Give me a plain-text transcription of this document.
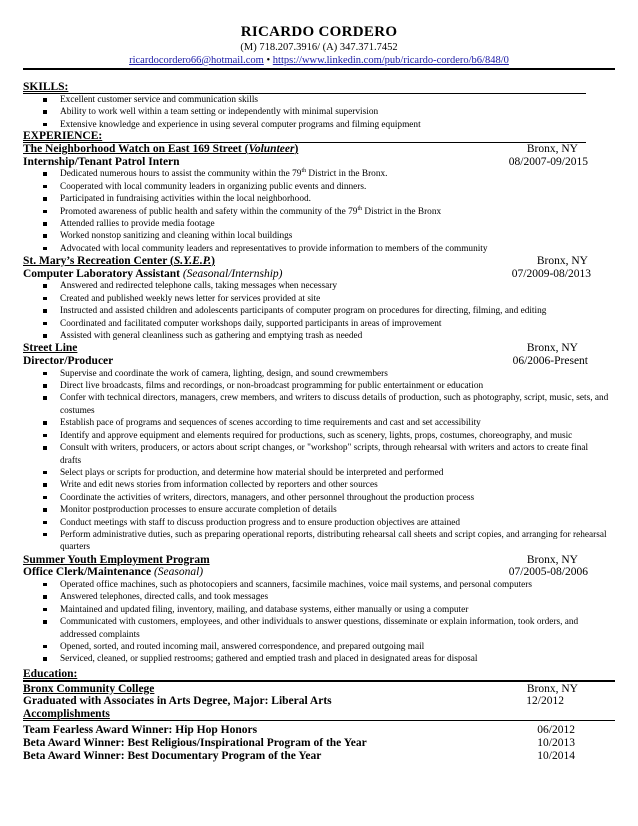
RICARDO CORDERO
(M) 718.207.3916/ (A) 347.371.7452
ricardocordero66@hotmail.com • https://www.linkedin.com/pub/ricardo-cordero/b6/848/0
SKILLS:
Excellent customer service and communication skills
Ability to work well within a team setting or independently with minimal supervision
Extensive knowledge and experience in using several computer programs and filming equipment
EXPERIENCE:
The Neighborhood Watch on East 169 Street (Volunteer)	Bronx, NY
Internship/Tenant Patrol Intern	08/2007-09/2015
Dedicated numerous hours to assist the community within the 79th District in the Bronx.
Cooperated with local community leaders in organizing public events and dinners.
Participated in fundraising activities within the local neighborhood.
Promoted awareness of public health and safety within the community of the 79th District in the Bronx
Attended rallies to provide media footage
Worked nonstop sanitizing and cleaning within local buildings
Advocated with local community leaders and representatives to provide information to members of the community
St. Mary’s Recreation Center (S.Y.E.P.)	Bronx, NY
Computer Laboratory Assistant (Seasonal/Internship)	07/2009-08/2013
Answered and redirected telephone calls, taking messages when necessary
Created and published weekly news letter for services provided at site
Instructed and assisted children and adolescents participants of computer program on procedures for directing, filming, and editing
Coordinated and facilitated computer workshops daily, supported participants in areas of improvement
Assisted with general cleanliness such as gathering and emptying trash as needed
Street Line	Bronx, NY
Director/Producer	06/2006-Present
Supervise and coordinate the work of camera, lighting, design, and sound crewmembers
Direct live broadcasts, films and recordings, or non-broadcast programming for public entertainment or education
Confer with technical directors, managers, crew members, and writers to discuss details of production, such as photography, script, music, sets, and costumes
Establish pace of programs and sequences of scenes according to time requirements and cast and set accessibility
Identify and approve equipment and elements required for productions, such as scenery, lights, props, costumes, choreography, and music
Consult with writers, producers, or actors about script changes, or "workshop" scripts, through rehearsal with writers and actors to create final drafts
Select plays or scripts for production, and determine how material should be interpreted and performed
Write and edit news stories from information collected by reporters and other sources
Coordinate the activities of writers, directors, managers, and other personnel throughout the production process
Monitor postproduction processes to ensure accurate completion of details
Conduct meetings with staff to discuss production progress and to ensure production objectives are attained
Perform administrative duties, such as preparing operational reports, distributing rehearsal call sheets and script copies, and arranging for rehearsal quarters
Summer Youth Employment Program	Bronx, NY
Office Clerk/Maintenance (Seasonal)	07/2005-08/2006
Operated office machines, such as photocopiers and scanners, facsimile machines, voice mail systems, and personal computers
Answered telephones, directed calls, and took messages
Maintained and updated filing, inventory, mailing, and database systems, either manually or using a computer
Communicated with customers, employees, and other individuals to answer questions, disseminate or explain information, took orders, and addressed complaints
Opened, sorted, and routed incoming mail, answered correspondence, and prepared outgoing mail
Serviced, cleaned, or supplied restrooms; gathered and emptied trash and placed in designated areas for disposal
Education:
Bronx Community College	Bronx, NY
Graduated with Associates in Arts Degree, Major: Liberal Arts	12/2012
Accomplishments
Team Fearless Award Winner: Hip Hop Honors	06/2012
Beta Award Winner: Best Religious/Inspirational Program of the Year	10/2013
Beta Award Winner: Best Documentary Program of the Year	10/2014
